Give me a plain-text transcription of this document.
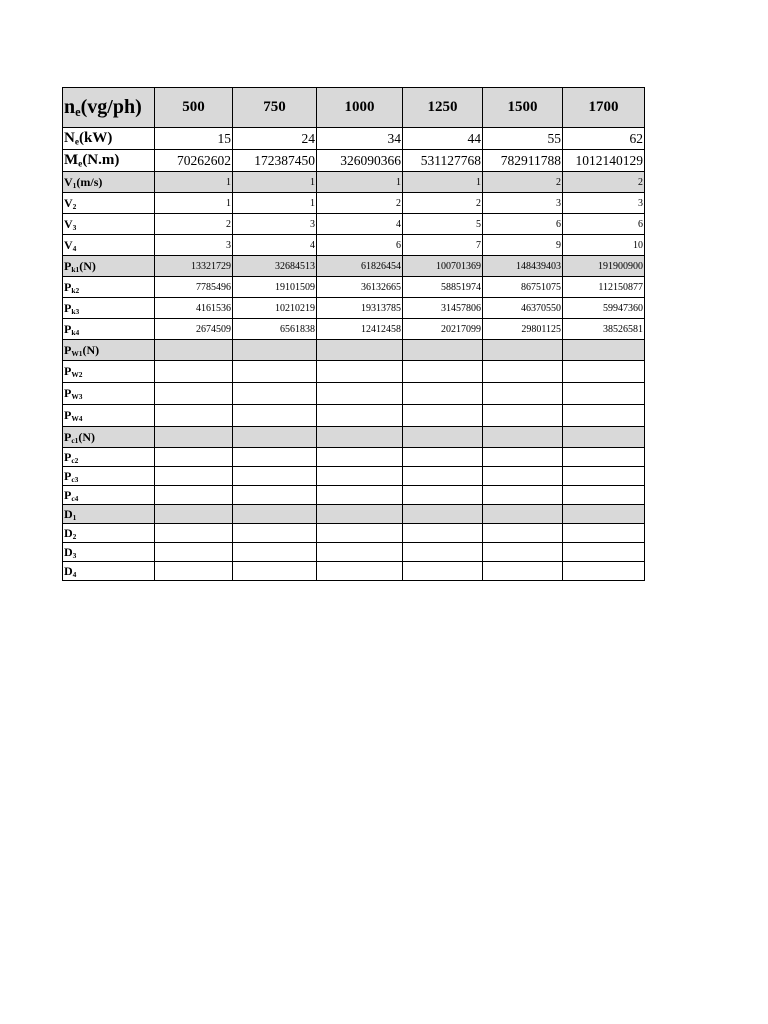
$n_e(vg/ph)$	500	750	1000	1250	1500	1700
$N_e(kW)$	15	24	34	44	55	62
$M_e(N.m)$	70262602	172387450	326090366	531127768	782911788	1012140129
$V_1(m/s)$	1	1	1	1	2	2
$V_2$	1	1	2	2	3	3
$V_3$	2	3	4	5	6	6
$V_4$	3	4	6	7	9	10
$P_{k1}(N)$	13321729	32684513	61826454	100701369	148439403	191900900
$P_{k2}$	7785496	19101509	36132665	58851974	86751075	112150877
$P_{k3}$	4161536	10210219	19313785	31457806	46370550	59947360
$P_{k4}$	2674509	6561838	12412458	20217099	29801125	38526581
$P_{W1}(N)$						
$P_{W2}$						
$P_{W3}$						
$P_{W4}$						
$P_{c1}(N)$						
$P_{c2}$						
$P_{c3}$						
$P_{c4}$						
$D_1$						
$D_2$						
$D_3$						
$D_4$						
